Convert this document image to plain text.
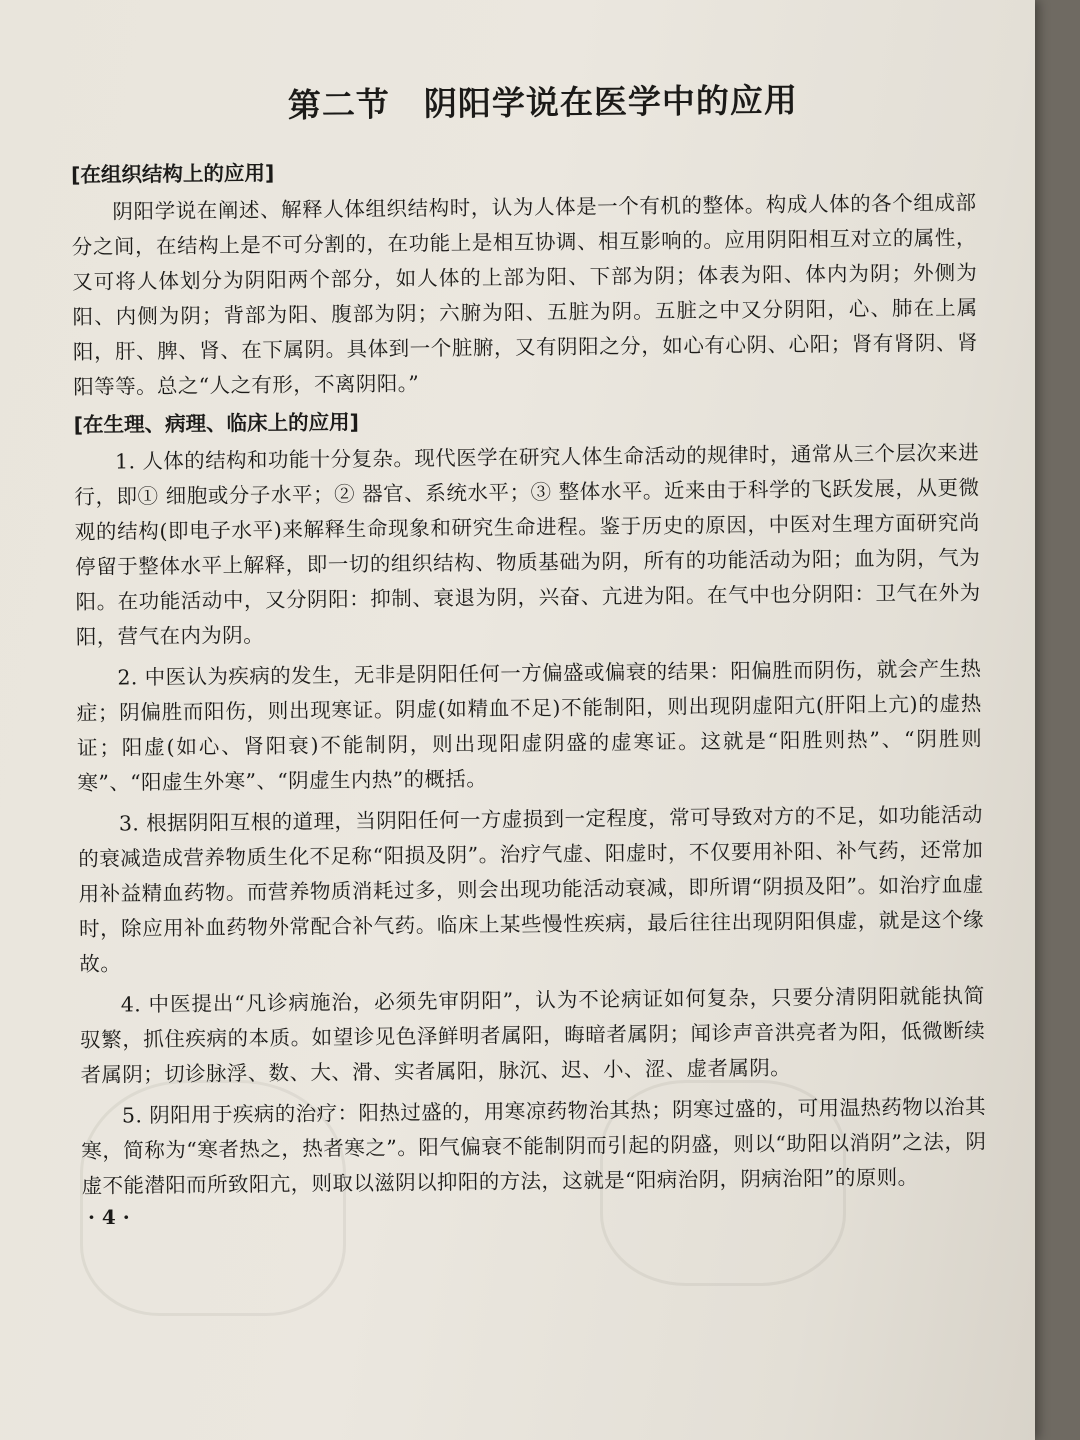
第二节 阴阳学说在医学中的应用
[在组织结构上的应用]

阴阳学说在阐述、解释人体组织结构时，认为人体是一个有机的整体。构成人体的各个组成部分之间，在结构上是不可分割的，在功能上是相互协调、相互影响的。应用阴阳相互对立的属性，又可将人体划分为阴阳两个部分，如人体的上部为阳、下部为阴；体表为阳、体内为阴；外侧为阳、内侧为阴；背部为阳、腹部为阴；六腑为阳、五脏为阴。五脏之中又分阴阳，心、肺在上属阳，肝、脾、肾、在下属阴。具体到一个脏腑，又有阴阳之分，如心有心阴、心阳；肾有肾阴、肾阳等等。总之“人之有形，不离阴阳。”

[在生理、病理、临床上的应用]

1. 人体的结构和功能十分复杂。现代医学在研究人体生命活动的规律时，通常从三个层次来进行，即① 细胞或分子水平；② 器官、系统水平；③ 整体水平。近来由于科学的飞跃发展，从更微观的结构(即电子水平)来解释生命现象和研究生命进程。鉴于历史的原因，中医对生理方面研究尚停留于整体水平上解释，即一切的组织结构、物质基础为阴，所有的功能活动为阳；血为阴，气为阳。在功能活动中，又分阴阳：抑制、衰退为阴，兴奋、亢进为阳。在气中也分阴阳：卫气在外为阳，营气在内为阴。

2. 中医认为疾病的发生，无非是阴阳任何一方偏盛或偏衰的结果：阳偏胜而阴伤，就会产生热症；阴偏胜而阳伤，则出现寒证。阴虚(如精血不足)不能制阳，则出现阴虚阳亢(肝阳上亢)的虚热证；阳虚(如心、肾阳衰)不能制阴，则出现阳虚阴盛的虚寒证。这就是“阳胜则热”、“阴胜则寒”、“阳虚生外寒”、“阴虚生内热”的概括。

3. 根据阴阳互根的道理，当阴阳任何一方虚损到一定程度，常可导致对方的不足，如功能活动的衰减造成营养物质生化不足称“阳损及阴”。治疗气虚、阳虚时，不仅要用补阳、补气药，还常加用补益精血药物。而营养物质消耗过多，则会出现功能活动衰减，即所谓“阴损及阳”。如治疗血虚时，除应用补血药物外常配合补气药。临床上某些慢性疾病，最后往往出现阴阳俱虚，就是这个缘故。

4. 中医提出“凡诊病施治，必须先审阴阳”，认为不论病证如何复杂，只要分清阴阳就能执简驭繁，抓住疾病的本质。如望诊见色泽鲜明者属阳，晦暗者属阴；闻诊声音洪亮者为阳，低微断续者属阴；切诊脉浮、数、大、滑、实者属阳，脉沉、迟、小、涩、虚者属阴。

5. 阴阳用于疾病的治疗：阳热过盛的，用寒凉药物治其热；阴寒过盛的，可用温热药物以治其寒，简称为“寒者热之，热者寒之”。阳气偏衰不能制阴而引起的阴盛，则以“助阳以消阴”之法，阴虚不能潜阳而所致阳亢，则取以滋阴以抑阳的方法，这就是“阳病治阴，阴病治阳”的原则。

· 4 ·
